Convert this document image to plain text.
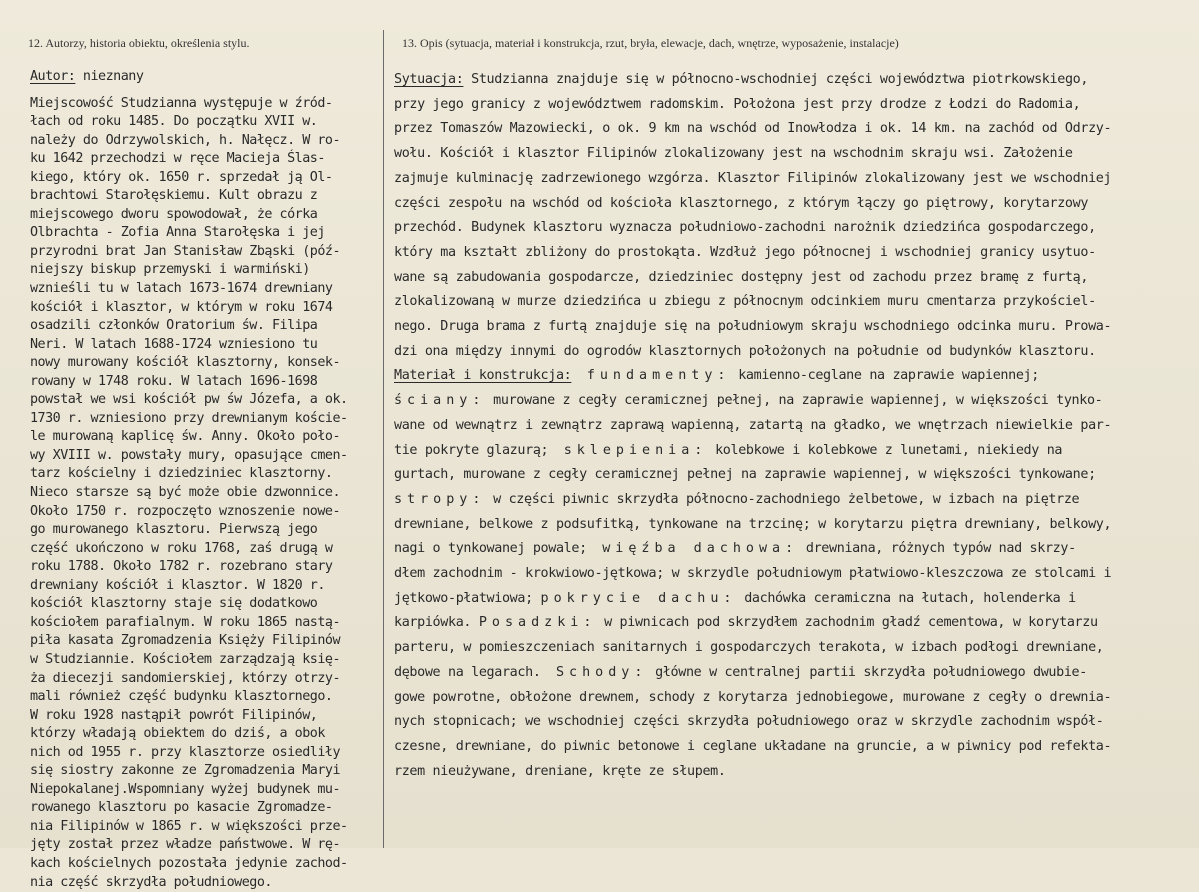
12. Autorzy, historia obiektu, określenia stylu.	13. Opis (sytuacja, materiał i konstrukcja, rzut, bryła, elewacje, dach, wnętrze, wyposażenie, instalacje)
Autor: nieznany
Miejscowość Studzianna występuje w źród-
łach od roku 1485. Do początku XVII w.
należy do Odrzywolskich, h. Nałęcz. W ro-
ku 1642 przechodzi w ręce Macieja Ślas-
kiego, który ok. 1650 r. sprzedał ją Ol-
brachtowi Starołęskiemu. Kult obrazu z
miejscowego dworu spowodował, że córka
Olbrachta - Zofia Anna Starołęska i jej
przyrodni brat Jan Stanisław Zbąski (póź-
niejszy biskup przemyski i warmiński)
wznieśli tu w latach 1673-1674 drewniany
kościół i klasztor, w którym w roku 1674
osadzili członków Oratorium św. Filipa
Neri. W latach 1688-1724 wzniesiono tu
nowy murowany kościół klasztorny, konsek-
rowany w 1748 roku. W latach 1696-1698
powstał we wsi kościół pw św Józefa, a ok.
1730 r. wzniesiono przy drewnianym koście-
le murowaną kaplicę św. Anny. Około poło-
wy XVIII w. powstały mury, opasujące cmen-
tarz kościelny i dziedziniec klasztorny.
Nieco starsze są być może obie dzwonnice.
Około 1750 r. rozpoczęto wznoszenie nowe-
go murowanego klasztoru. Pierwszą jego
część ukończono w roku 1768, zaś drugą w
roku 1788. Około 1782 r. rozebrano stary
drewniany kościół i klasztor. W 1820 r.
kościół klasztorny staje się dodatkowo
kościołem parafialnym. W roku 1865 nastą-
piła kasata Zgromadzenia Księży Filipinów
w Studziannie. Kościołem zarządzają księ-
ża diecezji sandomierskiej, którzy otrzy-
mali również część budynku klasztornego.
W roku 1928 nastąpił powrót Filipinów,
którzy władają obiektem do dziś, a obok
nich od 1955 r. przy klasztorze osiedliły
się siostry zakonne ze Zgromadzenia Maryi
Niepokalanej.Wspomniany wyżej budynek mu-
rowanego klasztoru po kasacie Zgromadze-
nia Filipinów w 1865 r. w większości prze-
jęty został przez władze państwowe. W rę-
kach kościelnych pozostała jedynie zachod-
nia część skrzydła południowego.
Sytuacja: Studzianna znajduje się w północno-wschodniej części województwa piotrkowskiego,
przy jego granicy z województwem radomskim. Położona jest przy drodze z Łodzi do Radomia,
przez Tomaszów Mazowiecki, o ok. 9 km na wschód od Inowłodza i ok. 14 km. na zachód od Odrzy-
wołu. Kościół i klasztor Filipinów zlokalizowany jest na wschodnim skraju wsi. Założenie
zajmuje kulminację zadrzewionego wzgórza. Klasztor Filipinów zlokalizowany jest we wschodniej
części zespołu na wschód od kościoła klasztornego, z którym łączy go piętrowy, korytarzowy
przechód. Budynek klasztoru wyznacza południowo-zachodni narożnik dziedzińca gospodarczego,
który ma kształt zbliżony do prostokąta. Wzdłuż jego północnej i wschodniej granicy usytuo-
wane są zabudowania gospodarcze, dziedziniec dostępny jest od zachodu przez bramę z furtą,
zlokalizowaną w murze dziedzińca u zbiegu z północnym odcinkiem muru cmentarza przykościel-
nego. Druga brama z furtą znajduje się na południowym skraju wschodniego odcinka muru. Prowa-
dzi ona między innymi do ogrodów klasztornych położonych na południe od budynków klasztoru.
Materiał i konstrukcja: fundamenty: kamienno-ceglane na zaprawie wapiennej;
ściany: murowane z cegły ceramicznej pełnej, na zaprawie wapiennej, w większości tynko-
wane od wewnątrz i zewnątrz zaprawą wapienną, zatartą na gładko, we wnętrzach niewielkie par-
tie pokryte glazurą; sklepienia: kolebkowe i kolebkowe z lunetami, niekiedy na
gurtach, murowane z cegły ceramicznej pełnej na zaprawie wapiennej, w większości tynkowane;
stropy: w części piwnic skrzydła północno-zachodniego żelbetowe, w izbach na piętrze
drewniane, belkowe z podsufitką, tynkowane na trzcinę; w korytarzu piętra drewniany, belkowy,
nagi o tynkowanej powale; więźba dachowa: drewniana, różnych typów nad skrzy-
dłem zachodnim - krokwiowo-jętkowa; w skrzydle południowym płatwiowo-kleszczowa ze stolcami i
jętkowo-płatwiowa; pokrycie dachu: dachówka ceramiczna na łutach, holenderka i
karpiówka. Posadzki: w piwnicach pod skrzydłem zachodnim gładź cementowa, w korytarzu
parteru, w pomieszczeniach sanitarnych i gospodarczych terakota, w izbach podłogi drewniane,
dębowe na legarach. Schody: główne w centralnej partii skrzydła południowego dwubie-
gowe powrotne, obłożone drewnem, schody z korytarza jednobiegowe, murowane z cegły o drewnia-
nych stopnicach; we wschodniej części skrzydła południowego oraz w skrzydle zachodnim współ-
czesne, drewniane, do piwnic betonowe i ceglane układane na gruncie, a w piwnicy pod refekta-
rzem nieużywane, dreniane, kręte ze słupem.
